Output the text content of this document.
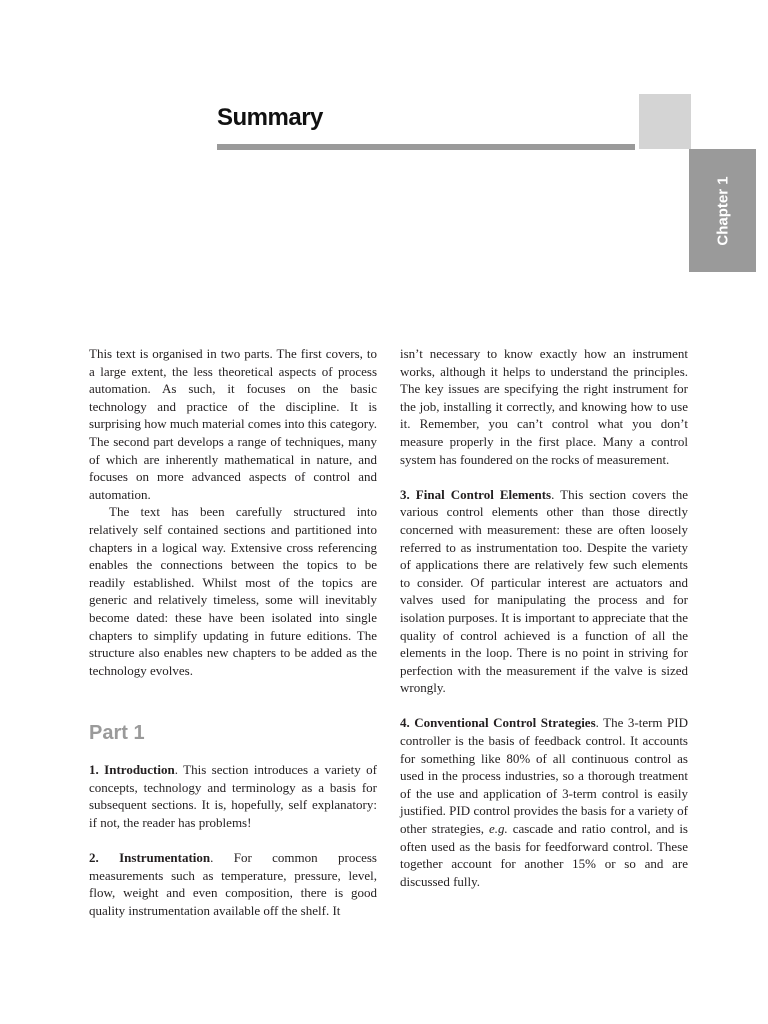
Summary
Chapter 1

This text is organised in two parts. The first covers, to a large extent, the less theoretical aspects of process automation. As such, it focuses on the basic technology and practice of the discipline. It is surprising how much material comes into this category. The second part develops a range of techniques, many of which are inherently mathematical in nature, and focuses on more advanced aspects of control and automation.

The text has been carefully structured into relatively self contained sections and partitioned into chapters in a logical way. Extensive cross referencing enables the connections between the topics to be readily established. Whilst most of the topics are generic and relatively timeless, some will inevitably become dated: these have been isolated into single chapters to simplify updating in future editions. The structure also enables new chapters to be added as the technology evolves.

Part 1

1. Introduction. This section introduces a variety of concepts, technology and terminology as a basis for subsequent sections. It is, hopefully, self explanatory: if not, the reader has problems!

2. Instrumentation. For common process measurements such as temperature, pressure, level, flow, weight and even composition, there is good quality instrumentation available off the shelf. It

isn’t necessary to know exactly how an instrument works, although it helps to understand the principles. The key issues are specifying the right instrument for the job, installing it correctly, and knowing how to use it. Remember, you can’t control what you don’t measure properly in the first place. Many a control system has foundered on the rocks of measurement.

3. Final Control Elements. This section covers the various control elements other than those directly concerned with measurement: these are often loosely referred to as instrumentation too. Despite the variety of applications there are relatively few such elements to consider. Of particular interest are actuators and valves used for manipulating the process and for isolation purposes. It is important to appreciate that the quality of control achieved is a function of all the elements in the loop. There is no point in striving for perfection with the measurement if the valve is sized wrongly.

4. Conventional Control Strategies. The 3-term PID controller is the basis of feedback control. It accounts for something like 80% of all continuous control as used in the process industries, so a thorough treatment of the use and application of 3-term control is easily justified. PID control provides the basis for a variety of other strategies, e.g. cascade and ratio control, and is often used as the basis for feedforward control. These together account for another 15% or so and are discussed fully.
